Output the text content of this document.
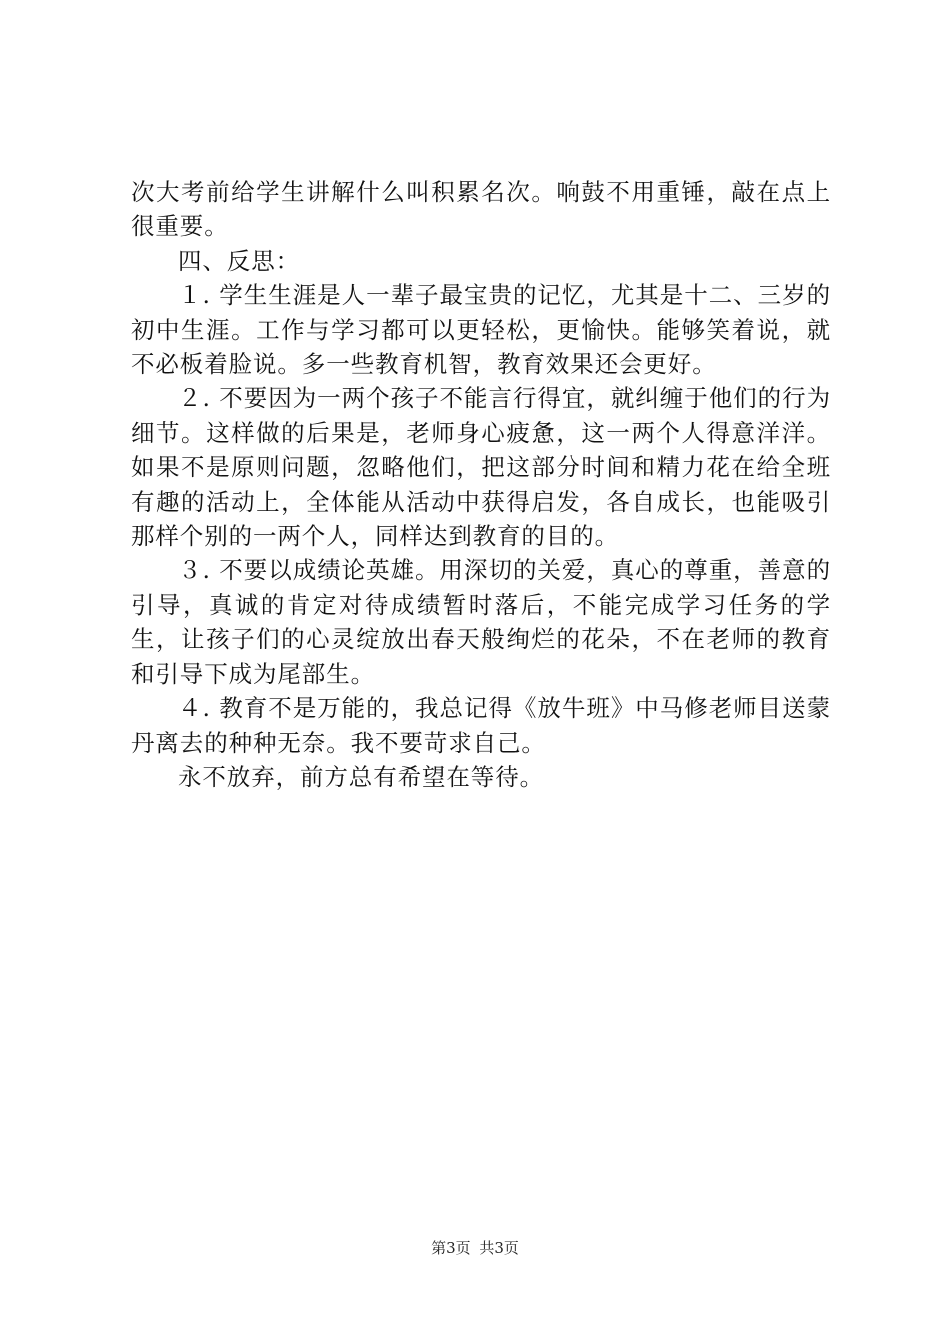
次大考前给学生讲解什么叫积累名次。响鼓不用重锤，敲在点上很重要。

四、反思：

１. 学生生涯是人一辈子最宝贵的记忆，尤其是十二、三岁的初中生涯。工作与学习都可以更轻松，更愉快。能够笑着说，就不必板着脸说。多一些教育机智，教育效果还会更好。

２. 不要因为一两个孩子不能言行得宜，就纠缠于他们的行为细节。这样做的后果是，老师身心疲惫，这一两个人得意洋洋。如果不是原则问题，忽略他们，把这部分时间和精力花在给全班有趣的活动上，全体能从活动中获得启发，各自成长，也能吸引那样个别的一两个人，同样达到教育的目的。

３. 不要以成绩论英雄。用深切的关爱，真心的尊重，善意的引导，真诚的肯定对待成绩暂时落后，不能完成学习任务的学生，让孩子们的心灵绽放出春天般绚烂的花朵，不在老师的教育和引导下成为尾部生。

４. 教育不是万能的，我总记得《放牛班》中马修老师目送蒙丹离去的种种无奈。我不要苛求自己。

永不放弃，前方总有希望在等待。

第3页 共3页
